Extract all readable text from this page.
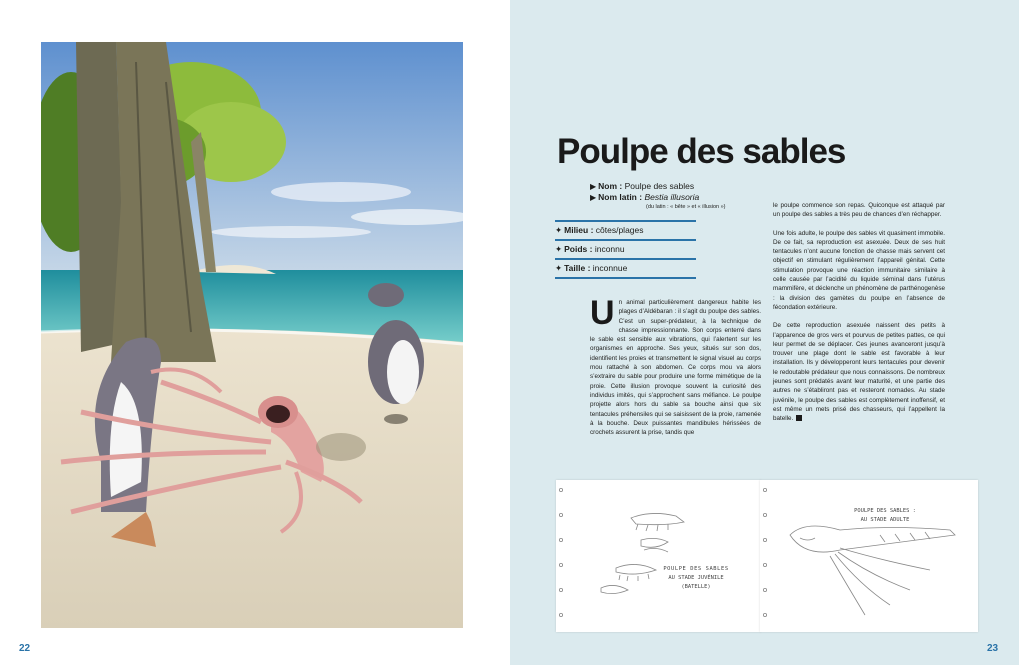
22
Poulpe des sables
▶ Nom : Poulpe des sables
▶ Nom latin : Bestia illusoria
(du latin : « bête » et « illusion »)
✦ Milieu : côtes/plages
✦ Poids : inconnu
✦ Taille : inconnue
Un animal particulièrement dangereux habite les plages d’Aldébaran : il s’agit du poulpe des sables. C’est un super-prédateur, à la technique de chasse impressionnante. Son corps enterré dans le sable est sensible aux vibrations, qui l’alertent sur les organismes en approche. Ses yeux, situés sur son dos, identifient les proies et transmettent le signal visuel au corps mou rattaché à son abdomen. Ce corps mou va alors s’extraire du sable pour produire une forme mimétique de la proie. Cette illusion provoque souvent la curiosité des individus imités, qui s’approchent sans méfiance. Le poulpe projette alors hors du sable sa bouche ainsi que six tentacules préhensiles qui se saisissent de la proie, ramenée à la bouche. Deux puissantes mandibules hérissées de crochets assurent la prise, tandis que

le poulpe commence son repas. Quiconque est attaqué par un poulpe des sables a très peu de chances d’en réchapper.

Une fois adulte, le poulpe des sables vit quasiment immobile. De ce fait, sa reproduction est asexuée. Deux de ses huit tentacules n’ont aucune fonction de chasse mais servent cet objectif en stimulant régulièrement l’appareil génital. Cette stimulation provoque une réaction immunitaire similaire à celle causée par l’acidité du liquide séminal dans l’utérus mammifère, et déclenche un phénomène de parthénogenèse : la division des gamètes du poulpe en l’absence de fécondation extérieure.

De cette reproduction asexuée naissent des petits à l’apparence de gros vers et pourvus de petites pattes, ce qui leur permet de se déplacer. Ces jeunes avanceront jusqu’à trouver une plage dont le sable est favorable à leur installation. Ils y développeront leurs tentacules pour devenir le redoutable prédateur que nous connaissons. De nombreux jeunes sont prédatés avant leur maturité, et une partie des autres ne s’établiront pas et resteront nomades. Au stade juvénile, le poulpe des sables est complètement inoffensif, et est même un mets prisé des chasseurs, qui l’appellent la batelle.

POULPE DES SABLES
AU STADE JUVÉNILE
(BATELLE)
POULPE DES SABLES :
AU STADE ADULTE
23
